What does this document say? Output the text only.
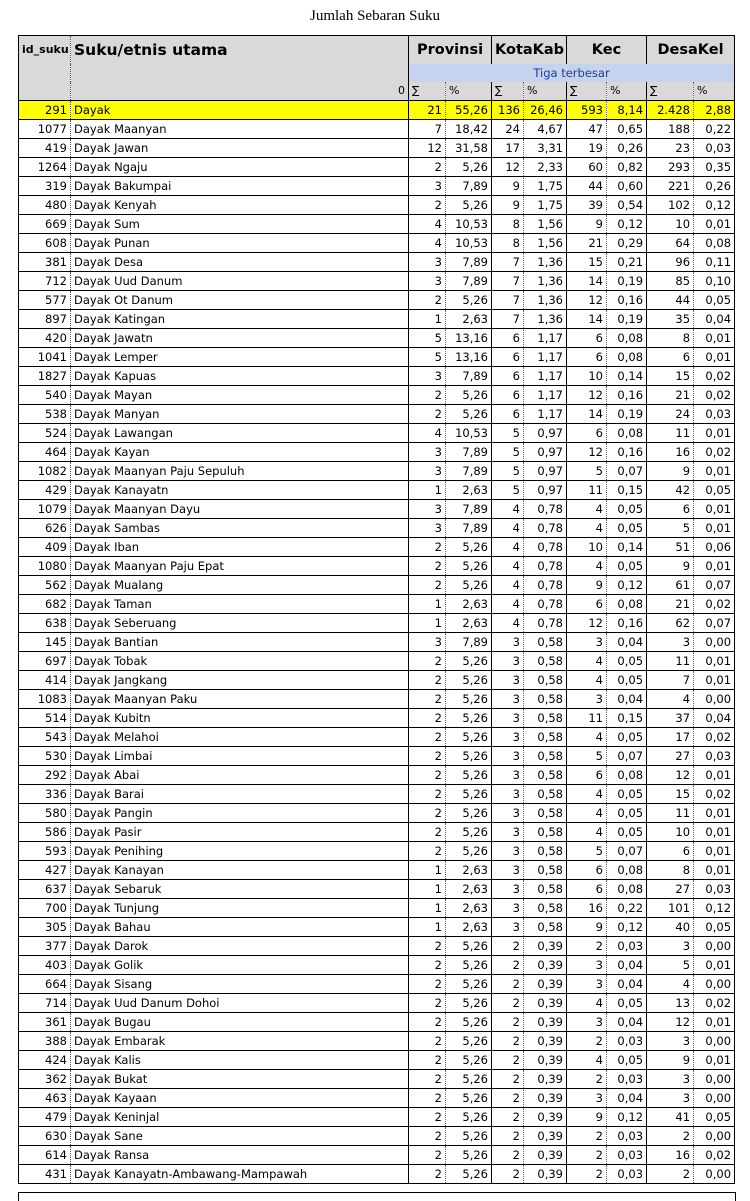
Jumlah Sebaran Suku
id_suku	Suku/etnis utama	Provinsi		KotaKab		Kec		DesaKel	
		Tiga terbesar							
	0	∑	%	∑	%	∑	%	∑	%
291	Dayak	21	55,26	136	26,46	593	8,14	2.428	2,88
1077	Dayak Maanyan	7	18,42	24	4,67	47	0,65	188	0,22
419	Dayak Jawan	12	31,58	17	3,31	19	0,26	23	0,03
1264	Dayak Ngaju	2	5,26	12	2,33	60	0,82	293	0,35
319	Dayak Bakumpai	3	7,89	9	1,75	44	0,60	221	0,26
480	Dayak Kenyah	2	5,26	9	1,75	39	0,54	102	0,12
669	Dayak Sum	4	10,53	8	1,56	9	0,12	10	0,01
608	Dayak Punan	4	10,53	8	1,56	21	0,29	64	0,08
381	Dayak Desa	3	7,89	7	1,36	15	0,21	96	0,11
712	Dayak Uud Danum	3	7,89	7	1,36	14	0,19	85	0,10
577	Dayak Ot Danum	2	5,26	7	1,36	12	0,16	44	0,05
897	Dayak Katingan	1	2,63	7	1,36	14	0,19	35	0,04
420	Dayak Jawatn	5	13,16	6	1,17	6	0,08	8	0,01
1041	Dayak Lemper	5	13,16	6	1,17	6	0,08	6	0,01
1827	Dayak Kapuas	3	7,89	6	1,17	10	0,14	15	0,02
540	Dayak Mayan	2	5,26	6	1,17	12	0,16	21	0,02
538	Dayak Manyan	2	5,26	6	1,17	14	0,19	24	0,03
524	Dayak Lawangan	4	10,53	5	0,97	6	0,08	11	0,01
464	Dayak Kayan	3	7,89	5	0,97	12	0,16	16	0,02
1082	Dayak Maanyan Paju Sepuluh	3	7,89	5	0,97	5	0,07	9	0,01
429	Dayak Kanayatn	1	2,63	5	0,97	11	0,15	42	0,05
1079	Dayak Maanyan Dayu	3	7,89	4	0,78	4	0,05	6	0,01
626	Dayak Sambas	3	7,89	4	0,78	4	0,05	5	0,01
409	Dayak Iban	2	5,26	4	0,78	10	0,14	51	0,06
1080	Dayak Maanyan Paju Epat	2	5,26	4	0,78	4	0,05	9	0,01
562	Dayak Mualang	2	5,26	4	0,78	9	0,12	61	0,07
682	Dayak Taman	1	2,63	4	0,78	6	0,08	21	0,02
638	Dayak Seberuang	1	2,63	4	0,78	12	0,16	62	0,07
145	Dayak Bantian	3	7,89	3	0,58	3	0,04	3	0,00
697	Dayak Tobak	2	5,26	3	0,58	4	0,05	11	0,01
414	Dayak Jangkang	2	5,26	3	0,58	4	0,05	7	0,01
1083	Dayak Maanyan Paku	2	5,26	3	0,58	3	0,04	4	0,00
514	Dayak Kubitn	2	5,26	3	0,58	11	0,15	37	0,04
543	Dayak Melahoi	2	5,26	3	0,58	4	0,05	17	0,02
530	Dayak Limbai	2	5,26	3	0,58	5	0,07	27	0,03
292	Dayak Abai	2	5,26	3	0,58	6	0,08	12	0,01
336	Dayak Barai	2	5,26	3	0,58	4	0,05	15	0,02
580	Dayak Pangin	2	5,26	3	0,58	4	0,05	11	0,01
586	Dayak Pasir	2	5,26	3	0,58	4	0,05	10	0,01
593	Dayak Penihing	2	5,26	3	0,58	5	0,07	6	0,01
427	Dayak Kanayan	1	2,63	3	0,58	6	0,08	8	0,01
637	Dayak Sebaruk	1	2,63	3	0,58	6	0,08	27	0,03
700	Dayak Tunjung	1	2,63	3	0,58	16	0,22	101	0,12
305	Dayak Bahau	1	2,63	3	0,58	9	0,12	40	0,05
377	Dayak Darok	2	5,26	2	0,39	2	0,03	3	0,00
403	Dayak Golik	2	5,26	2	0,39	3	0,04	5	0,01
664	Dayak Sisang	2	5,26	2	0,39	3	0,04	4	0,00
714	Dayak Uud Danum Dohoi	2	5,26	2	0,39	4	0,05	13	0,02
361	Dayak Bugau	2	5,26	2	0,39	3	0,04	12	0,01
388	Dayak Embarak	2	5,26	2	0,39	2	0,03	3	0,00
424	Dayak Kalis	2	5,26	2	0,39	4	0,05	9	0,01
362	Dayak Bukat	2	5,26	2	0,39	2	0,03	3	0,00
463	Dayak Kayaan	2	5,26	2	0,39	3	0,04	3	0,00
479	Dayak Keninjal	2	5,26	2	0,39	9	0,12	41	0,05
630	Dayak Sane	2	5,26	2	0,39	2	0,03	2	0,00
614	Dayak Ransa	2	5,26	2	0,39	2	0,03	16	0,02
431	Dayak Kanayatn-Ambawang-Mampawah	2	5,26	2	0,39	2	0,03	2	0,00
